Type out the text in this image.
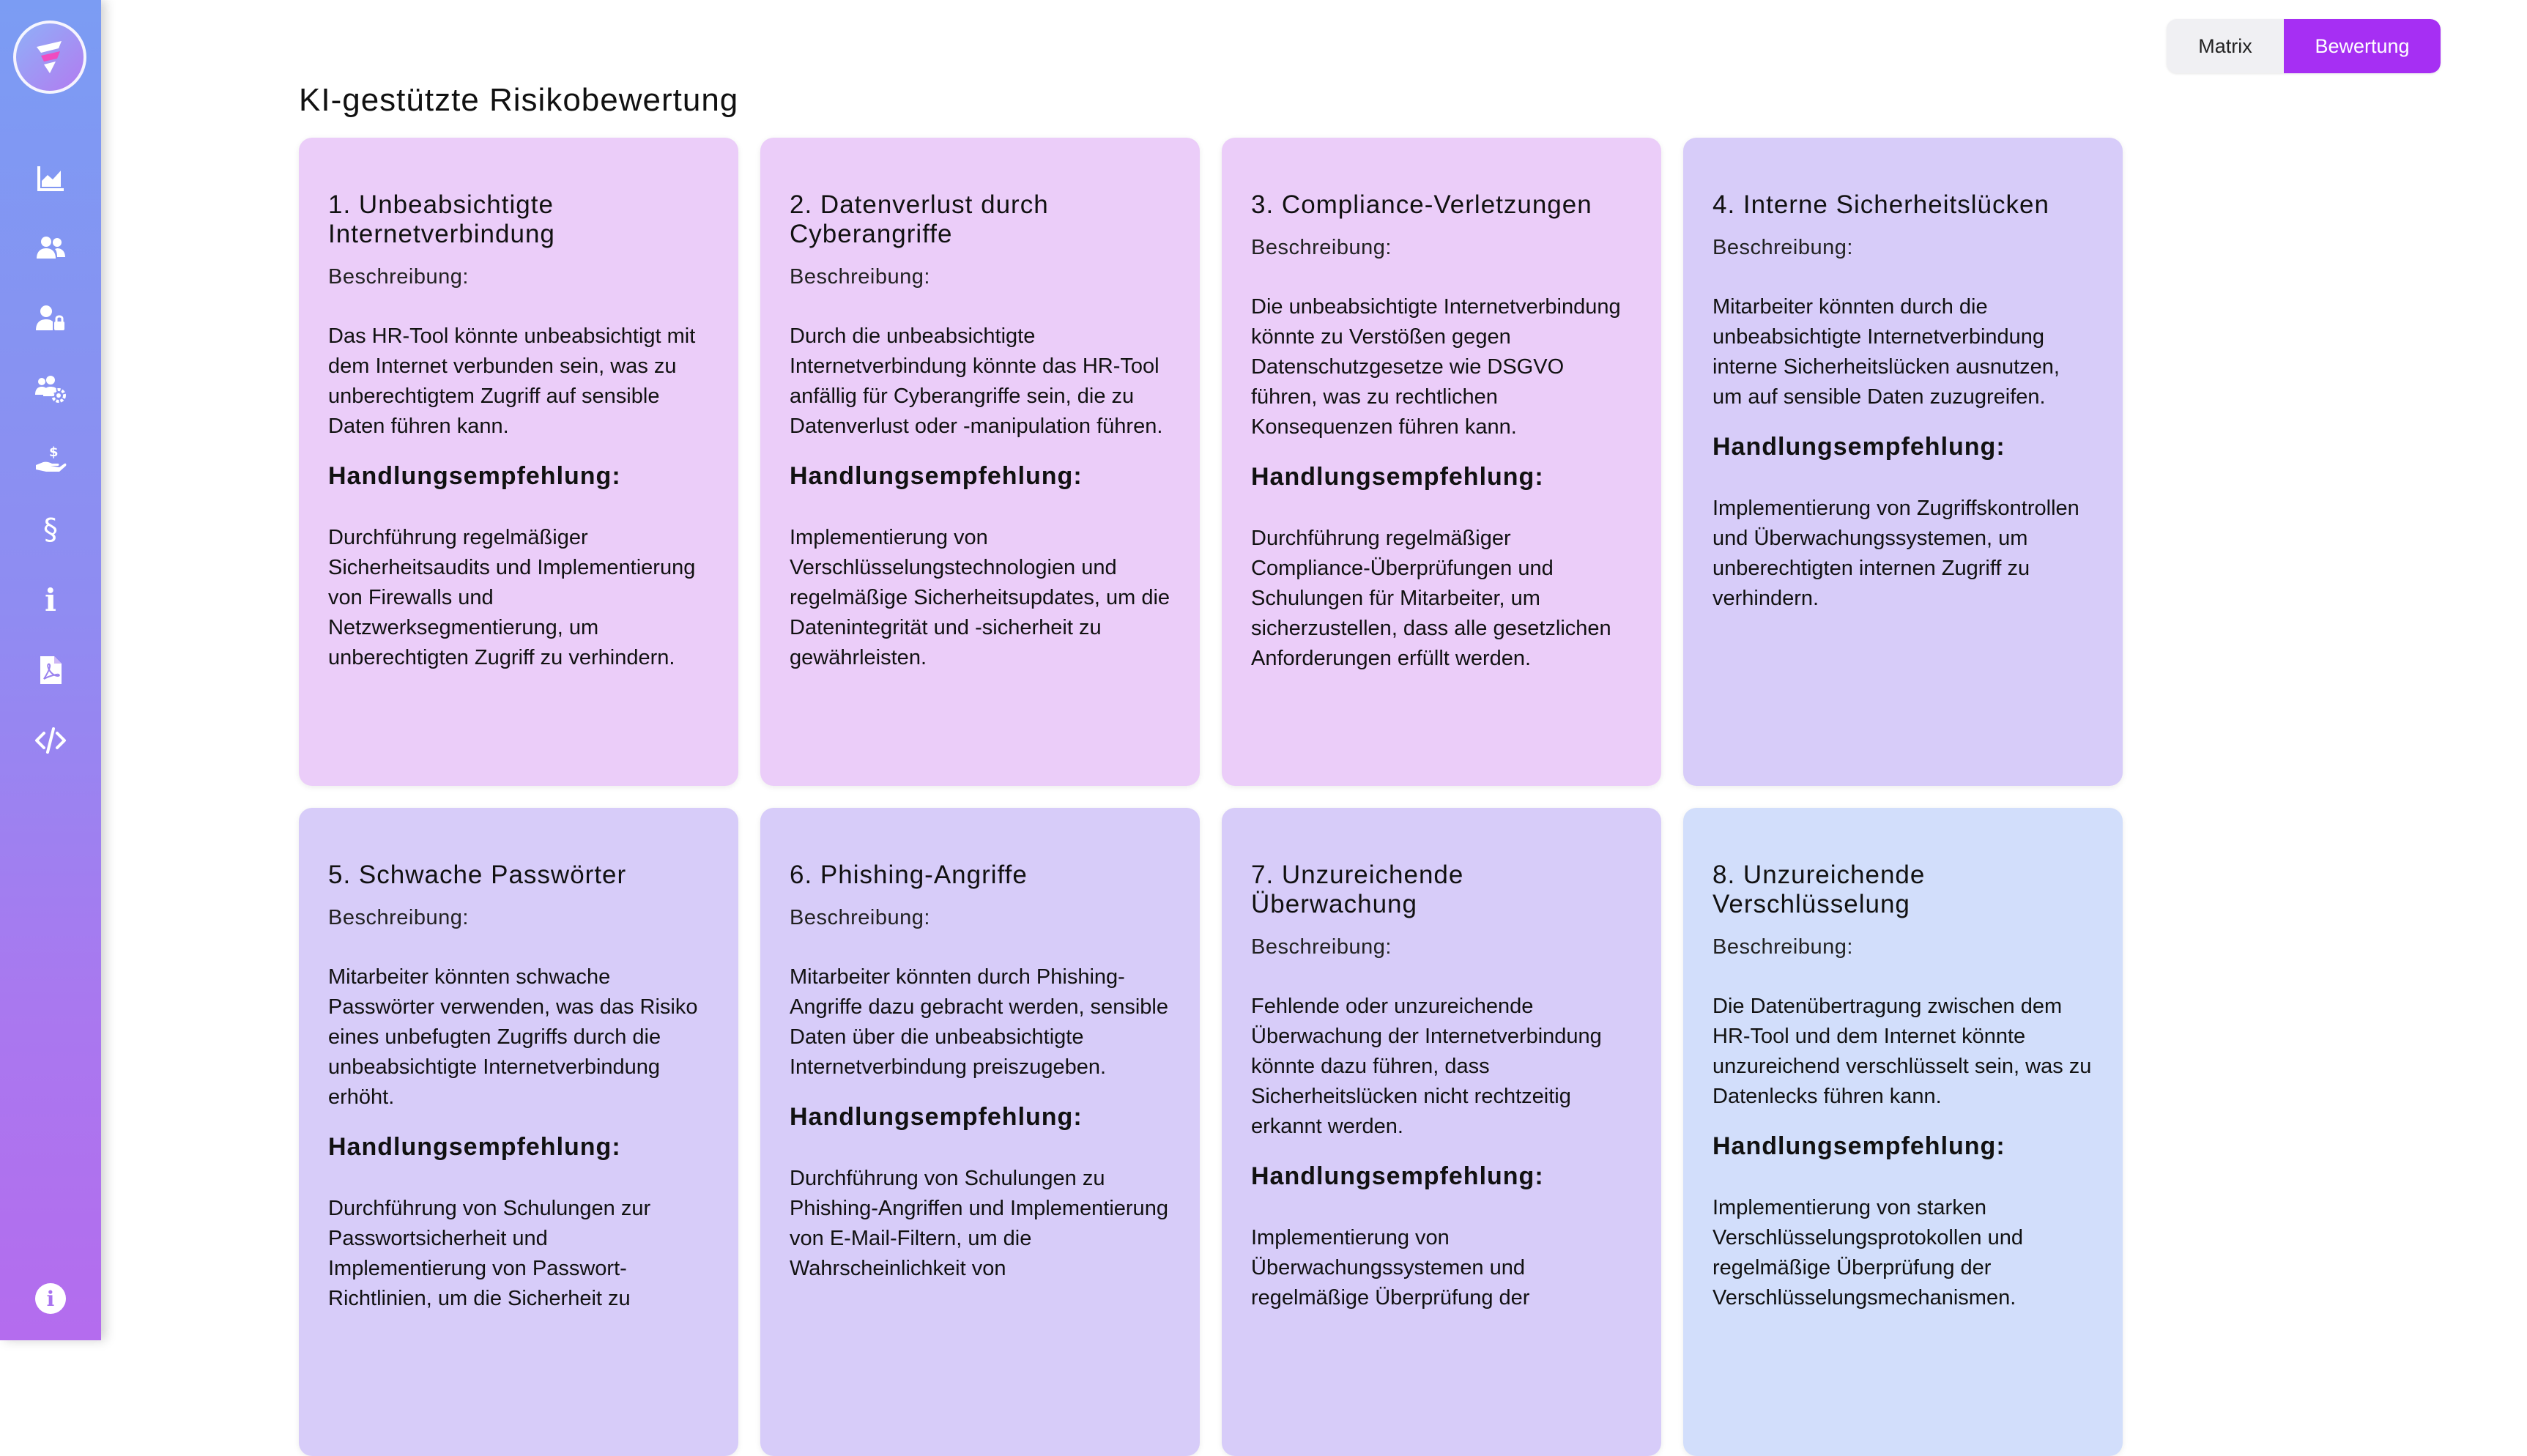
$
§
i
i
Matrix	Bewertung
KI-gestützte Risikobewertung
1. Unbeabsichtigte Internetverbindung
Beschreibung:
Das HR-Tool könnte unbeabsichtigt mit dem Internet verbunden sein, was zu unberechtigtem Zugriff auf sensible Daten führen kann.
Handlungsempfehlung:
Durchführung regelmäßiger Sicherheitsaudits und Implementierung von Firewalls und Netzwerksegmentierung, um unberechtigten Zugriff zu verhindern.
2. Datenverlust durch Cyberangriffe
Beschreibung:
Durch die unbeabsichtigte Internetverbindung könnte das HR-Tool anfällig für Cyberangriffe sein, die zu Datenverlust oder -manipulation führen.
Handlungsempfehlung:
Implementierung von Verschlüsselungstechnologien und regelmäßige Sicherheitsupdates, um die Datenintegrität und -sicherheit zu gewährleisten.
3. Compliance-Verletzungen
Beschreibung:
Die unbeabsichtigte Internetverbindung könnte zu Verstößen gegen Datenschutzgesetze wie DSGVO führen, was zu rechtlichen Konsequenzen führen kann.
Handlungsempfehlung:
Durchführung regelmäßiger Compliance-Überprüfungen und Schulungen für Mitarbeiter, um sicherzustellen, dass alle gesetzlichen Anforderungen erfüllt werden.
4. Interne Sicherheitslücken
Beschreibung:
Mitarbeiter könnten durch die unbeabsichtigte Internetverbindung interne Sicherheitslücken ausnutzen, um auf sensible Daten zuzugreifen.
Handlungsempfehlung:
Implementierung von Zugriffskontrollen und Überwachungssystemen, um unberechtigten internen Zugriff zu verhindern.
5. Schwache Passwörter
Beschreibung:
Mitarbeiter könnten schwache Passwörter verwenden, was das Risiko eines unbefugten Zugriffs durch die unbeabsichtigte Internetverbindung erhöht.
Handlungsempfehlung:
Durchführung von Schulungen zur Passwortsicherheit und Implementierung von Passwort-Richtlinien, um die Sicherheit zu
6. Phishing-Angriffe
Beschreibung:
Mitarbeiter könnten durch Phishing-Angriffe dazu gebracht werden, sensible Daten über die unbeabsichtigte Internetverbindung preiszugeben.
Handlungsempfehlung:
Durchführung von Schulungen zu Phishing-Angriffen und Implementierung von E-Mail-Filtern, um die Wahrscheinlichkeit von
7. Unzureichende Überwachung
Beschreibung:
Fehlende oder unzureichende Überwachung der Internetverbindung könnte dazu führen, dass Sicherheitslücken nicht rechtzeitig erkannt werden.
Handlungsempfehlung:
Implementierung von Überwachungssystemen und regelmäßige Überprüfung der
8. Unzureichende Verschlüsselung
Beschreibung:
Die Datenübertragung zwischen dem HR-Tool und dem Internet könnte unzureichend verschlüsselt sein, was zu Datenlecks führen kann.
Handlungsempfehlung:
Implementierung von starken Verschlüsselungsprotokollen und regelmäßige Überprüfung der Verschlüsselungsmechanismen.
